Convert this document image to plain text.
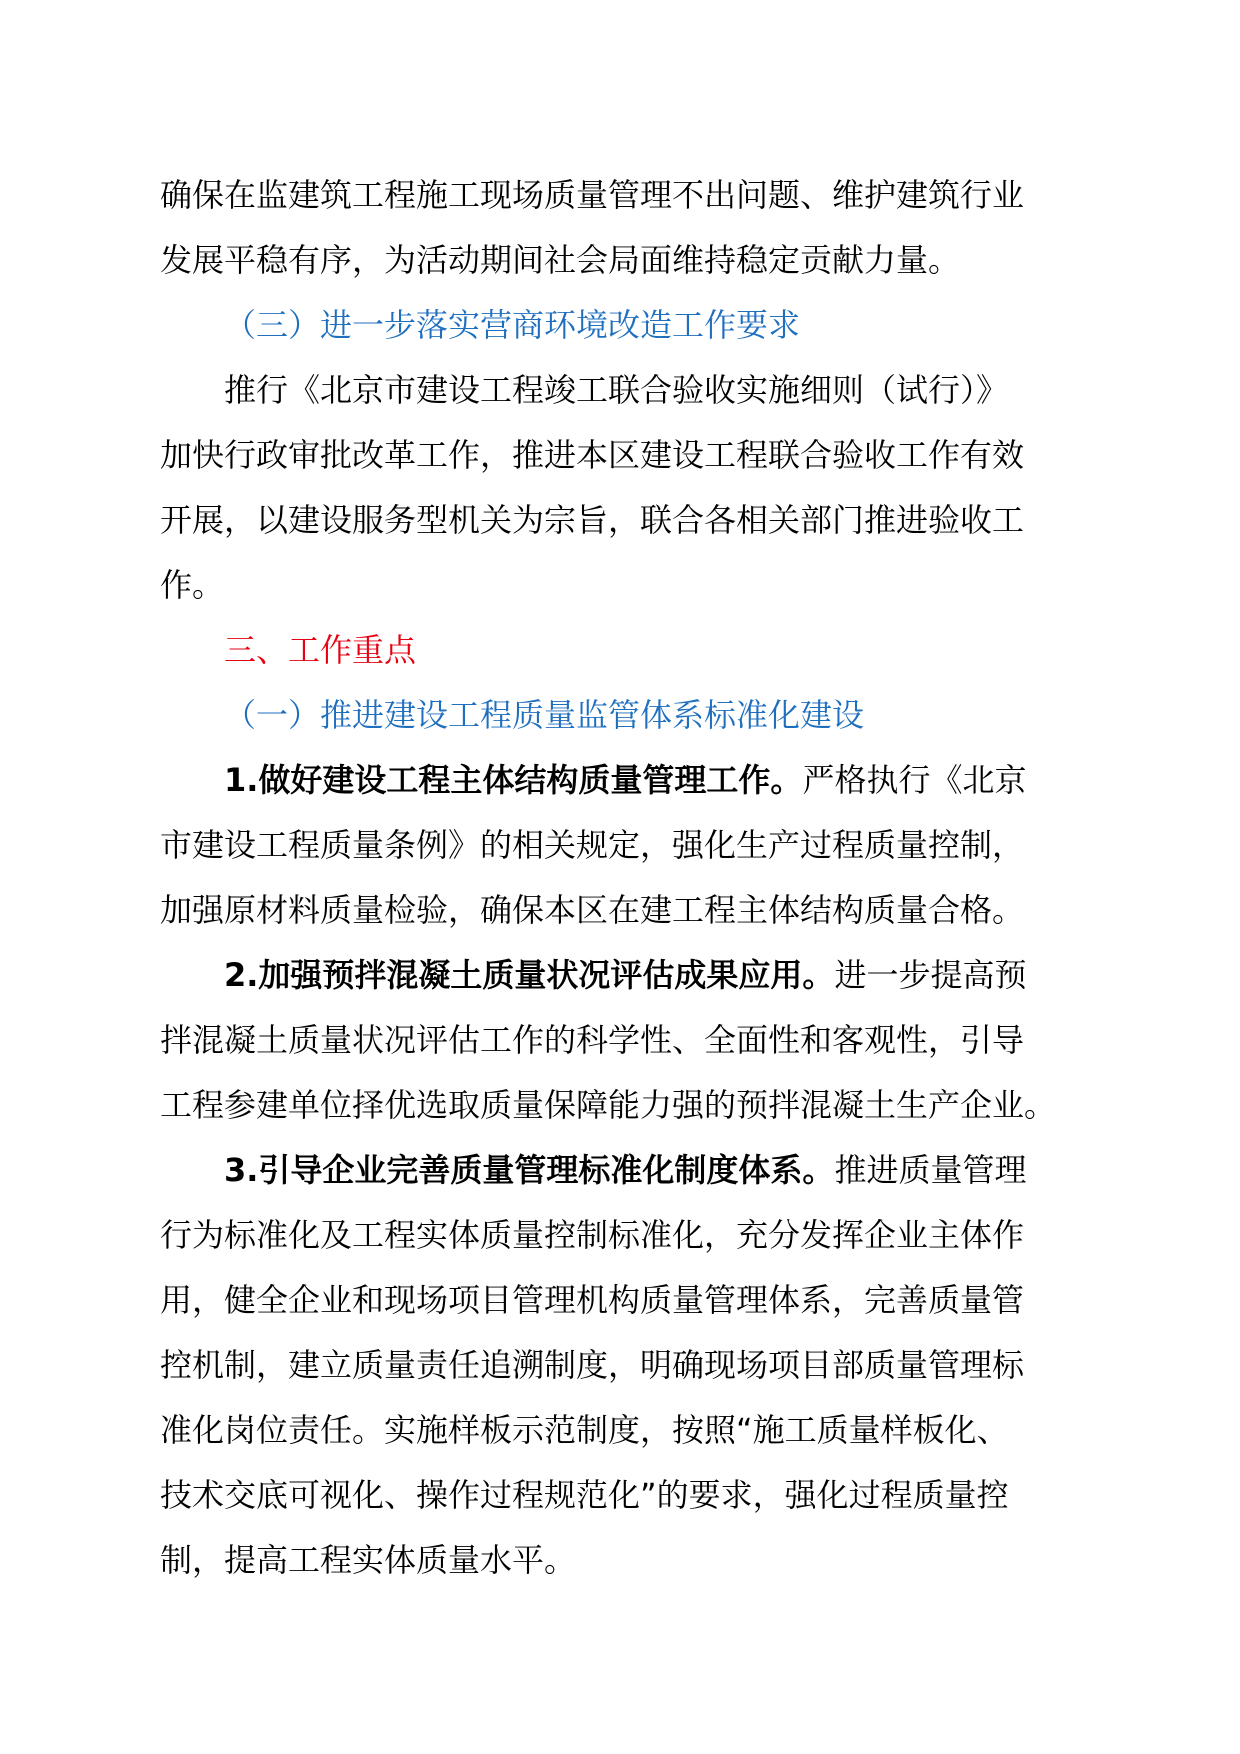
确保在监建筑工程施工现场质量管理不出问题、维护建筑行业
发展平稳有序，为活动期间社会局面维持稳定贡献力量。
（三）进一步落实营商环境改造工作要求
推行《北京市建设工程竣工联合验收实施细则（试行）》
加快行政审批改革工作，推进本区建设工程联合验收工作有效
开展，以建设服务型机关为宗旨，联合各相关部门推进验收工
作。
三、工作重点
（一）推进建设工程质量监管体系标准化建设
1.做好建设工程主体结构质量管理工作。严格执行《北京
市建设工程质量条例》的相关规定，强化生产过程质量控制，
加强原材料质量检验，确保本区在建工程主体结构质量合格。
2.加强预拌混凝土质量状况评估成果应用。进一步提高预
拌混凝土质量状况评估工作的科学性、全面性和客观性，引导
工程参建单位择优选取质量保障能力强的预拌混凝土生产企业。
3.引导企业完善质量管理标准化制度体系。推进质量管理
行为标准化及工程实体质量控制标准化，充分发挥企业主体作
用，健全企业和现场项目管理机构质量管理体系，完善质量管
控机制，建立质量责任追溯制度，明确现场项目部质量管理标
准化岗位责任。实施样板示范制度，按照“施工质量样板化、
技术交底可视化、操作过程规范化”的要求，强化过程质量控
制，提高工程实体质量水平。
